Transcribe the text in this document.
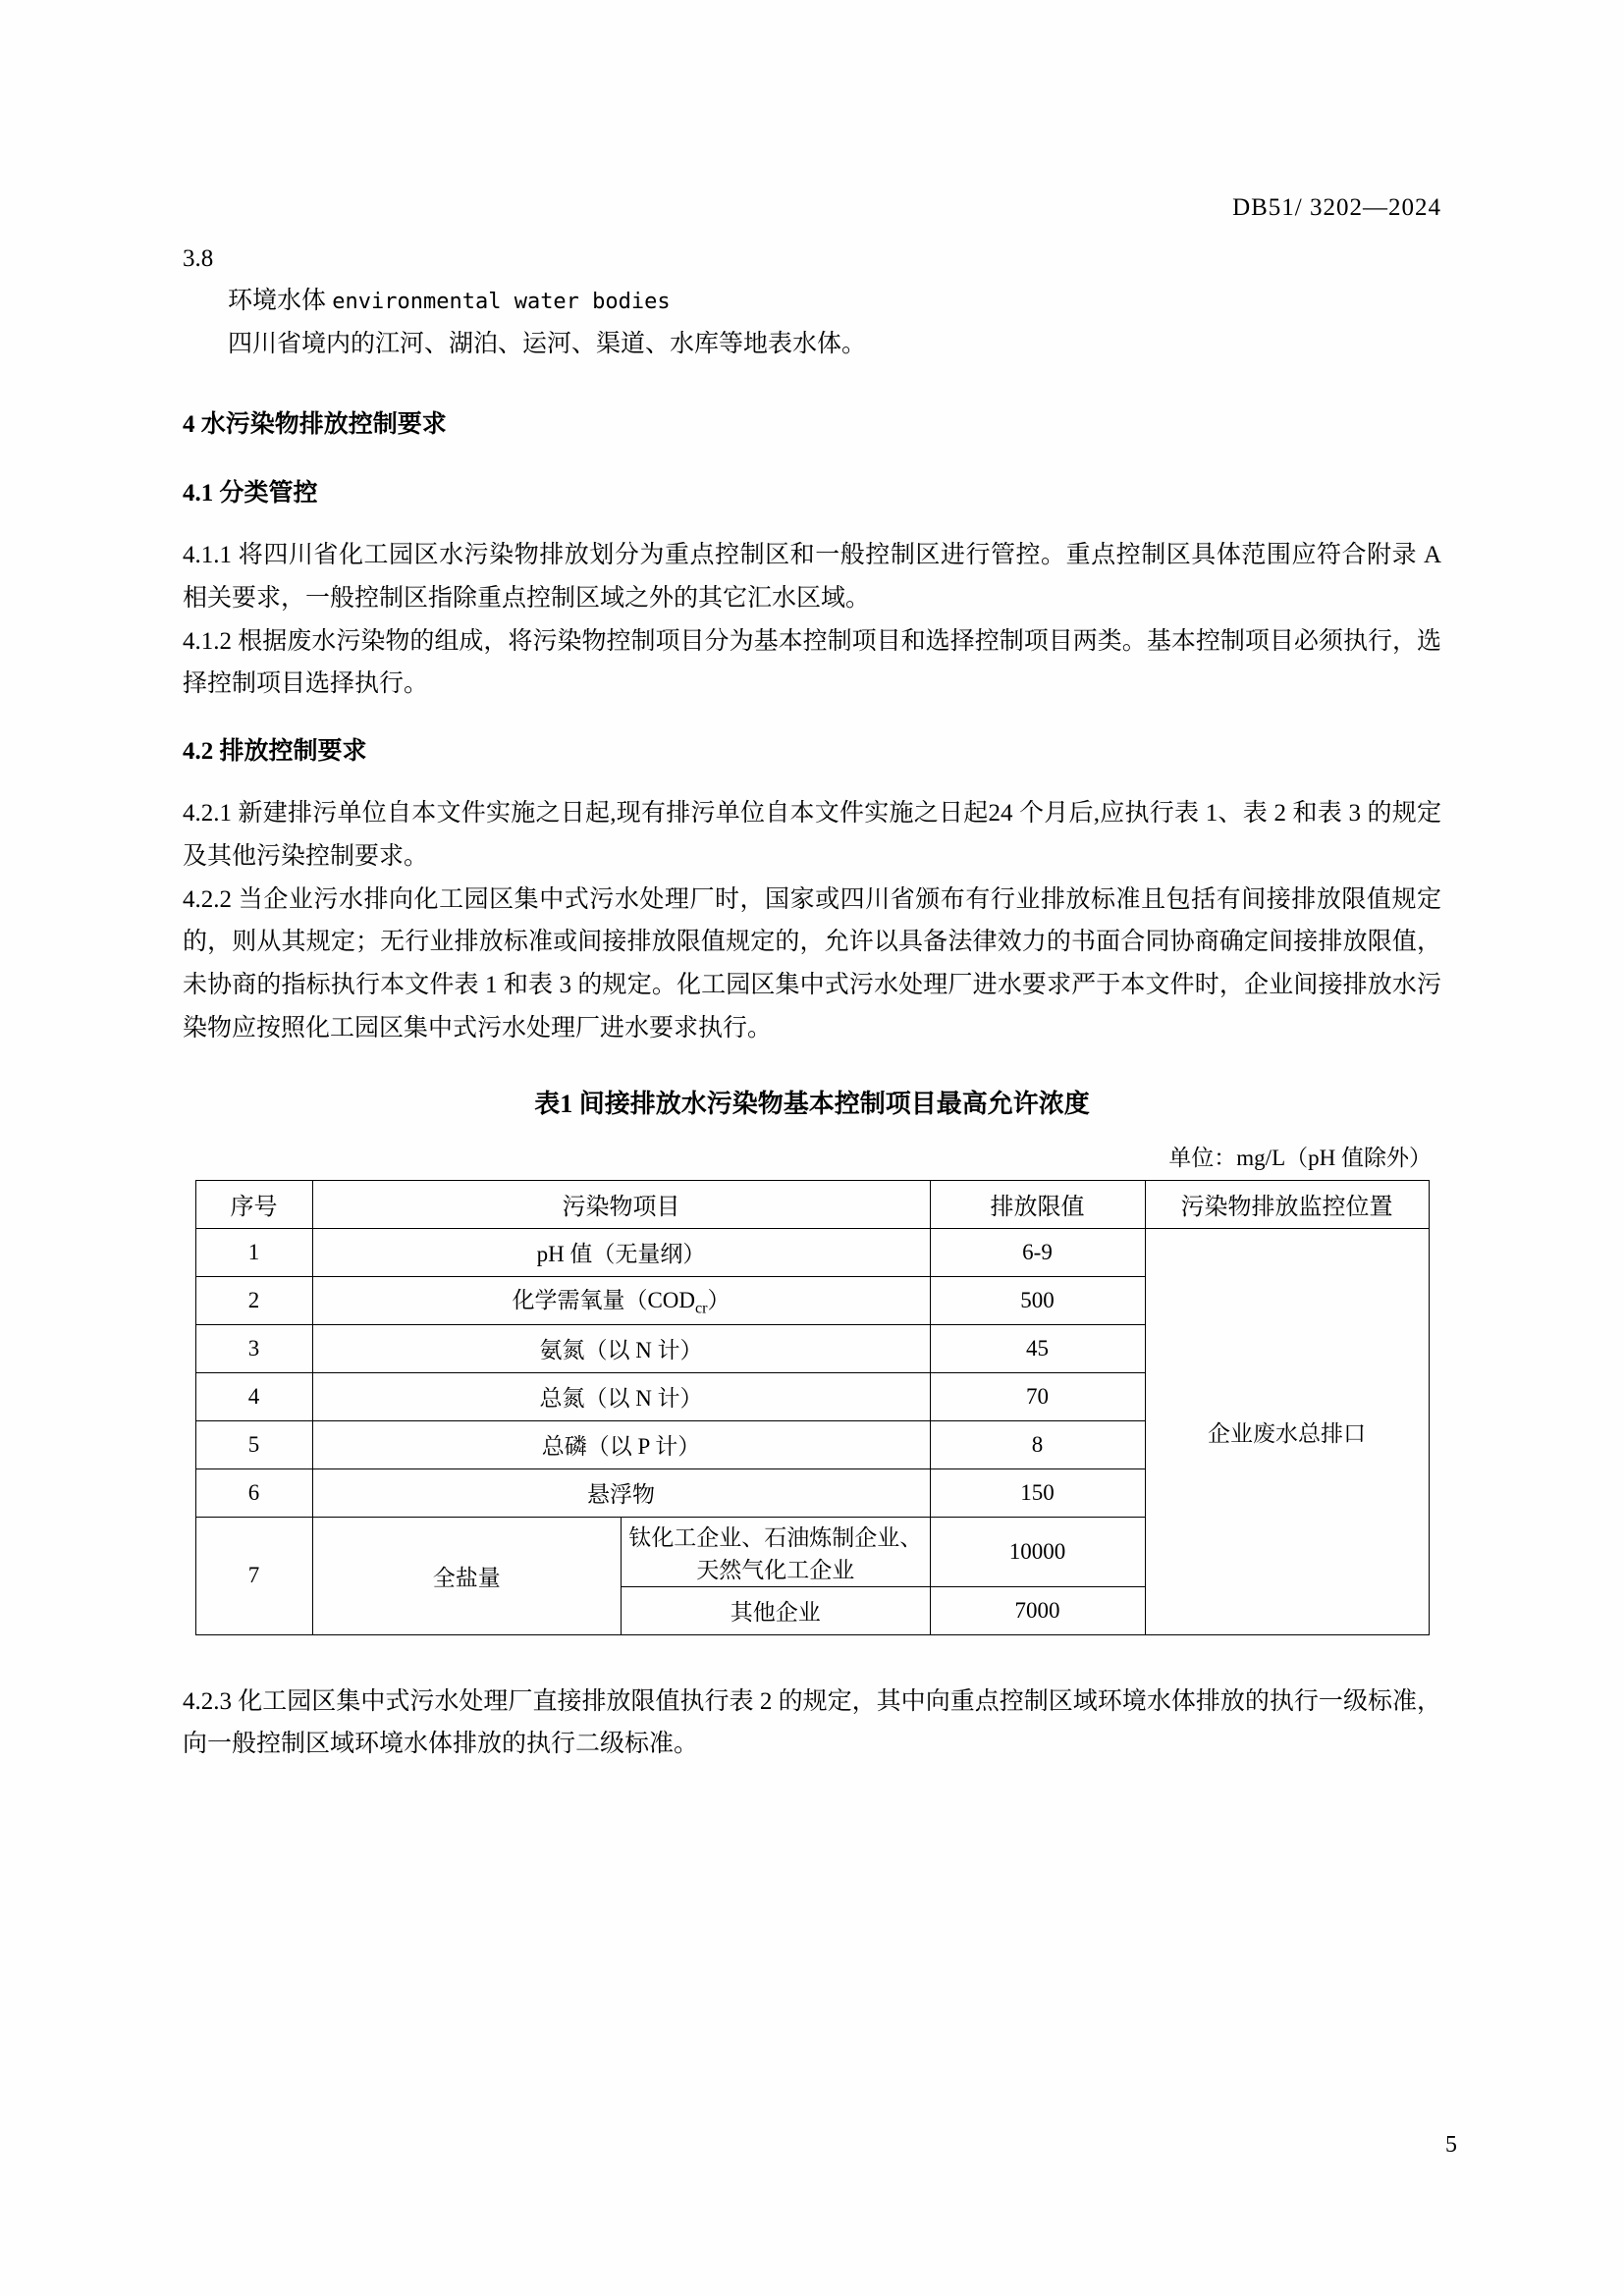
DB51/ 3202—2024

3.8

环境水体 environmental water bodies

四川省境内的江河、湖泊、运河、渠道、水库等地表水体。

4 水污染物排放控制要求

4.1 分类管控

4.1.1 将四川省化工园区水污染物排放划分为重点控制区和一般控制区进行管控。重点控制区具体范围应符合附录 A 相关要求，一般控制区指除重点控制区域之外的其它汇水区域。

4.1.2 根据废水污染物的组成，将污染物控制项目分为基本控制项目和选择控制项目两类。基本控制项目必须执行，选择控制项目选择执行。

4.2 排放控制要求

4.2.1 新建排污单位自本文件实施之日起,现有排污单位自本文件实施之日起24 个月后,应执行表 1、表 2 和表 3 的规定及其他污染控制要求。

4.2.2 当企业污水排向化工园区集中式污水处理厂时，国家或四川省颁布有行业排放标准且包括有间接排放限值规定的，则从其规定；无行业排放标准或间接排放限值规定的，允许以具备法律效力的书面合同协商确定间接排放限值，未协商的指标执行本文件表 1 和表 3 的规定。化工园区集中式污水处理厂进水要求严于本文件时，企业间接排放水污染物应按照化工园区集中式污水处理厂进水要求执行。

表1 间接排放水污染物基本控制项目最高允许浓度

单位：mg/L（pH 值除外）

序号	污染物项目		排放限值	污染物排放监控位置
1	pH 值（无量纲）		6-9	企业废水总排口
2	化学需氧量$(COD_{cr})$		500	
3	氨氮（以 N 计）		45	
4	总氮（以 N 计）		70	
5	总磷（以 P 计）		8	
6	悬浮物		150	
7	全盐量	钛化工企业、石油炼制企业、天然气化工企业	10000	
		其他企业	7000	

4.2.3 化工园区集中式污水处理厂直接排放限值执行表 2 的规定，其中向重点控制区域环境水体排放的执行一级标准，向一般控制区域环境水体排放的执行二级标准。

5
